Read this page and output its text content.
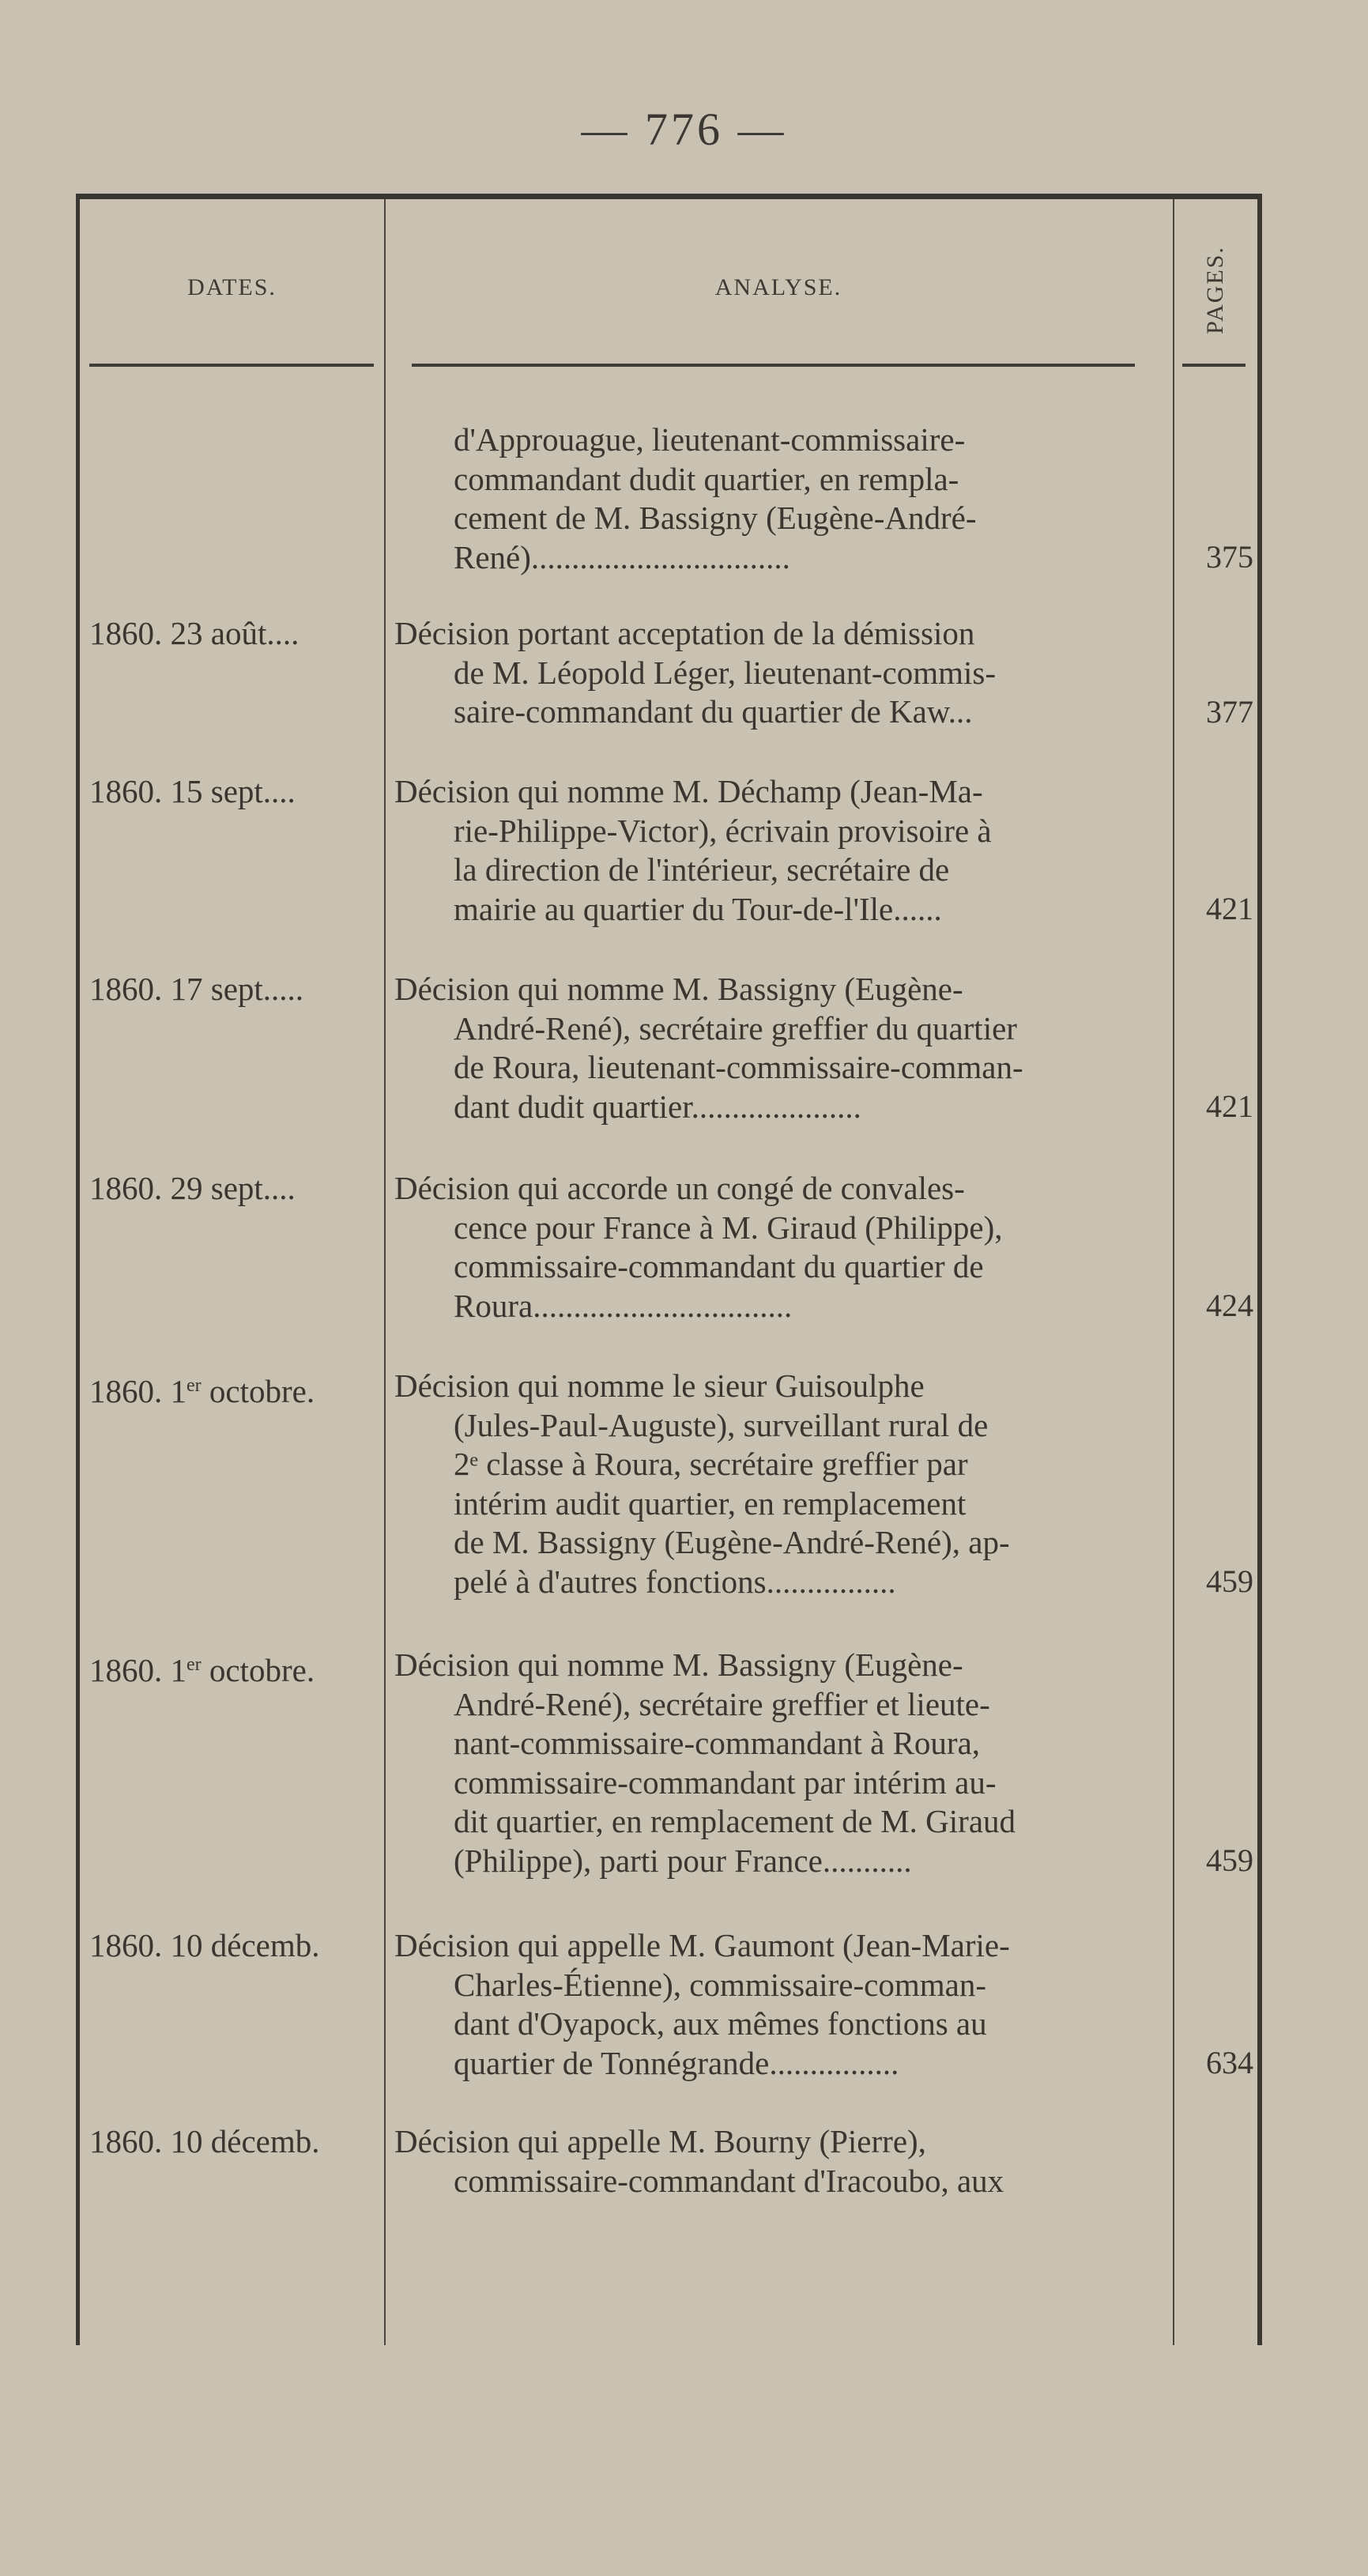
— 776 —
DATES.	ANALYSE.	PAGES.
d'Approuague, lieutenant-commissaire-
commandant dudit quartier, en rempla-
cement de M. Bassigny (Eugène-André-
René)................................	375
1860. 23 août....	Décision portant acceptation de la démission
de M. Léopold Léger, lieutenant-commis-
saire-commandant du quartier de Kaw...	377
1860. 15 sept....	Décision qui nomme M. Déchamp (Jean-Ma-
rie-Philippe-Victor), écrivain provisoire à
la direction de l'intérieur, secrétaire de
mairie au quartier du Tour-de-l'Ile......	421
1860. 17 sept.....	Décision qui nomme M. Bassigny (Eugène-
André-René), secrétaire greffier du quartier
de Roura, lieutenant-commissaire-comman-
dant dudit quartier.....................	421
1860. 29 sept....	Décision qui accorde un congé de convales-
cence pour France à M. Giraud (Philippe),
commissaire-commandant du quartier de
Roura................................	424
1860. 1er octobre.	Décision qui nomme le sieur Guisoulphe
(Jules-Paul-Auguste), surveillant rural de
2ᵉ classe à Roura, secrétaire greffier par
intérim audit quartier, en remplacement
de M. Bassigny (Eugène-André-René), ap-
pelé à d'autres fonctions................	459
1860. 1er octobre.	Décision qui nomme M. Bassigny (Eugène-
André-René), secrétaire greffier et lieute-
nant-commissaire-commandant à Roura,
commissaire-commandant par intérim au-
dit quartier, en remplacement de M. Giraud
(Philippe), parti pour France...........	459
1860. 10 décemb.	Décision qui appelle M. Gaumont (Jean-Marie-
Charles-Étienne), commissaire-comman-
dant d'Oyapock, aux mêmes fonctions au
quartier de Tonnégrande................	634
1860. 10 décemb.	Décision qui appelle M. Bourny (Pierre),
commissaire-commandant d'Iracoubo, aux
